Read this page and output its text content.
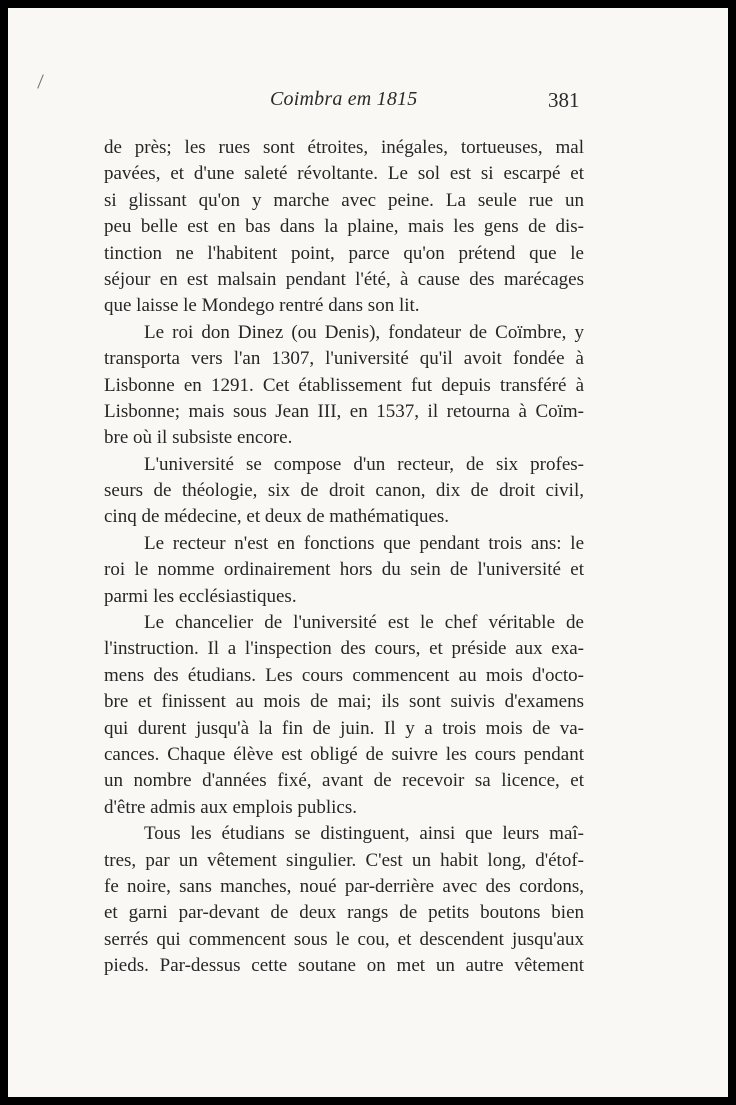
Coimbra em 1815	381
de près; les rues sont étroites, inégales, tortueuses, mal
pavées, et d'une saleté révoltante. Le sol est si escarpé et
si glissant qu'on y marche avec peine. La seule rue un
peu belle est en bas dans la plaine, mais les gens de dis-
tinction ne l'habitent point, parce qu'on prétend que le
séjour en est malsain pendant l'été, à cause des marécages
que laisse le Mondego rentré dans son lit.
Le roi don Dinez (ou Denis), fondateur de Coïmbre, y
transporta vers l'an 1307, l'université qu'il avoit fondée à
Lisbonne en 1291. Cet établissement fut depuis transféré à
Lisbonne; mais sous Jean III, en 1537, il retourna à Coïm-
bre où il subsiste encore.
L'université se compose d'un recteur, de six profes-
seurs de théologie, six de droit canon, dix de droit civil,
cinq de médecine, et deux de mathématiques.
Le recteur n'est en fonctions que pendant trois ans: le
roi le nomme ordinairement hors du sein de l'université et
parmi les ecclésiastiques.
Le chancelier de l'université est le chef véritable de
l'instruction. Il a l'inspection des cours, et préside aux exa-
mens des étudians. Les cours commencent au mois d'octo-
bre et finissent au mois de mai; ils sont suivis d'examens
qui durent jusqu'à la fin de juin. Il y a trois mois de va-
cances. Chaque élève est obligé de suivre les cours pendant
un nombre d'années fixé, avant de recevoir sa licence, et
d'être admis aux emplois publics.
Tous les étudians se distinguent, ainsi que leurs maî-
tres, par un vêtement singulier. C'est un habit long, d'étof-
fe noire, sans manches, noué par-derrière avec des cordons,
et garni par-devant de deux rangs de petits boutons bien
serrés qui commencent sous le cou, et descendent jusqu'aux
pieds. Par-dessus cette soutane on met un autre vêtement
